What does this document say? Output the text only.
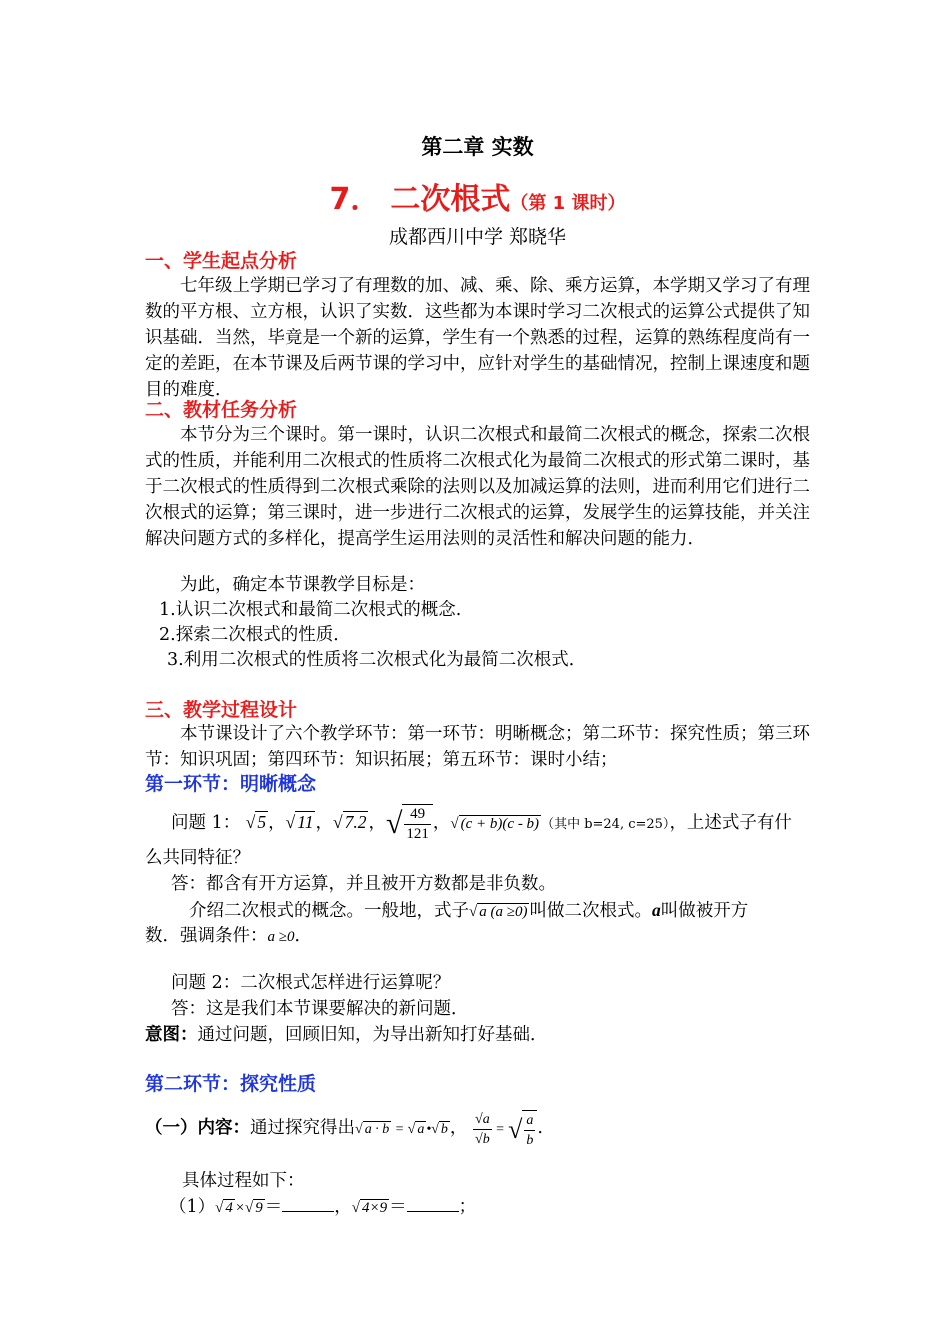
第二章 实数
7． 二次根式（第 1 课时）
成都西川中学 郑晓华
一、学生起点分析
七年级上学期已学习了有理数的加、减、乘、除、乘方运算，本学期又学习了有理数的平方根、立方根，认识了实数．这些都为本课时学习二次根式的运算公式提供了知识基础．当然，毕竟是一个新的运算，学生有一个熟悉的过程，运算的熟练程度尚有一定的差距，在本节课及后两节课的学习中，应针对学生的基础情况，控制上课速度和题目的难度．
二、教材任务分析
本节分为三个课时。第一课时，认识二次根式和最简二次根式的概念，探索二次根式的性质，并能利用二次根式的性质将二次根式化为最简二次根式的形式第二课时，基于二次根式的性质得到二次根式乘除的法则以及加减运算的法则，进而利用它们进行二次根式的运算；第三课时，进一步进行二次根式的运算，发展学生的运算技能，并关注解决问题方式的多样化，提高学生运用法则的灵活性和解决问题的能力．
为此，确定本节课教学目标是：
1.认识二次根式和最简二次根式的概念.
2.探索二次根式的性质．
3.利用二次根式的性质将二次根式化为最简二次根式．
三、教学过程设计
本节课设计了六个教学环节：第一环节：明晰概念；第二环节：探究性质；第三环节：知识巩固；第四环节：知识拓展；第五环节：课时小结；
第一环节：明晰概念
问题 1： √ 5 ，√ 11 ，√ 7.2 ，√ $\frac{49}{121}$ ，√ (c + b)(c - b) （其中 b=24, c=25），上述式子有什
么共同特征？
答：都含有开方运算，并且被开方数都是非负数。
介绍二次根式的概念。一般地，式子√ a (a ≥0) 叫做二次根式。a叫做被开方
数．强调条件：a ≥0．
问题 2：二次根式怎样进行运算呢？
答：这是我们本节课要解决的新问题．
意图：通过问题，回顾旧知，为导出新知打好基础．
第二环节：探究性质
（一）内容：通过探究得出√ a · b = √ a •√ b ， $\frac{√a}{√b}$ = √ $\frac{a}{b}$ .
具体过程如下：
（1）√ 4 ×√ 9 ＝	，√ 4×9 ＝	；
